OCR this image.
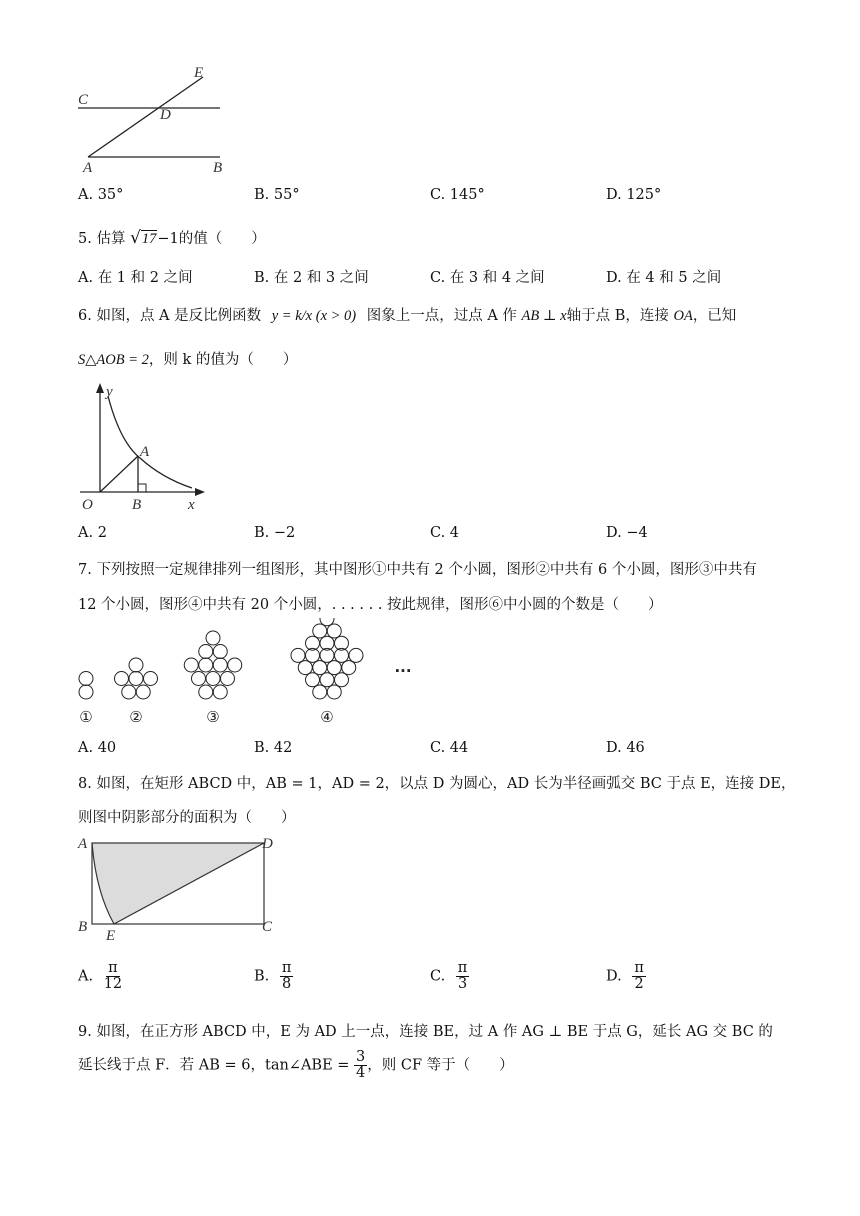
C
D
E
A	B
A. 35°	B. 55°	C. 145°	D. 125°
5. 估算 √17−1的值（　　）
A. 在 1 和 2 之间	B. 在 2 和 3 之间	C. 在 3 和 4 之间	D. 在 4 和 5 之间
6. 如图，点 A 是反比例函数 y = k/x (x > 0) 图象上一点，过点 A 作 AB ⊥ x轴于点 B，连接 OA，已知
S△AOB = 2，则 k 的值为（　　）
y
A
O	B	x
A. 2	B. −2	C. 4	D. −4
7. 下列按照一定规律排列一组图形，其中图形①中共有 2 个小圆，图形②中共有 6 个小圆，图形③中共有
12 个小圆，图形④中共有 20 个小圆，. . . . . . 按此规律，图形⑥中小圆的个数是（　　）
① ②	③	④
···
A. 40	B. 42	C. 44	D. 46
8. 如图，在矩形 ABCD 中，AB = 1，AD = 2，以点 D 为圆心，AD 长为半径画弧交 BC 于点 E，连接 DE，
则图中阴影部分的面积为（　　）
A	D
B
E
C
A. $\frac{\pi}{12}$	B. $\frac{\pi}{8}$	C. $\frac{\pi}{3}$	D. $\frac{\pi}{2}$
9. 如图，在正方形 ABCD 中，E 为 AD 上一点，连接 BE，过 A 作 AG ⊥ BE 于点 G，延长 AG 交 BC 的
延长线于点 F．若 AB = 6，tan∠ABE = $\frac{3}{4}$ ，则 CF 等于（　　）
